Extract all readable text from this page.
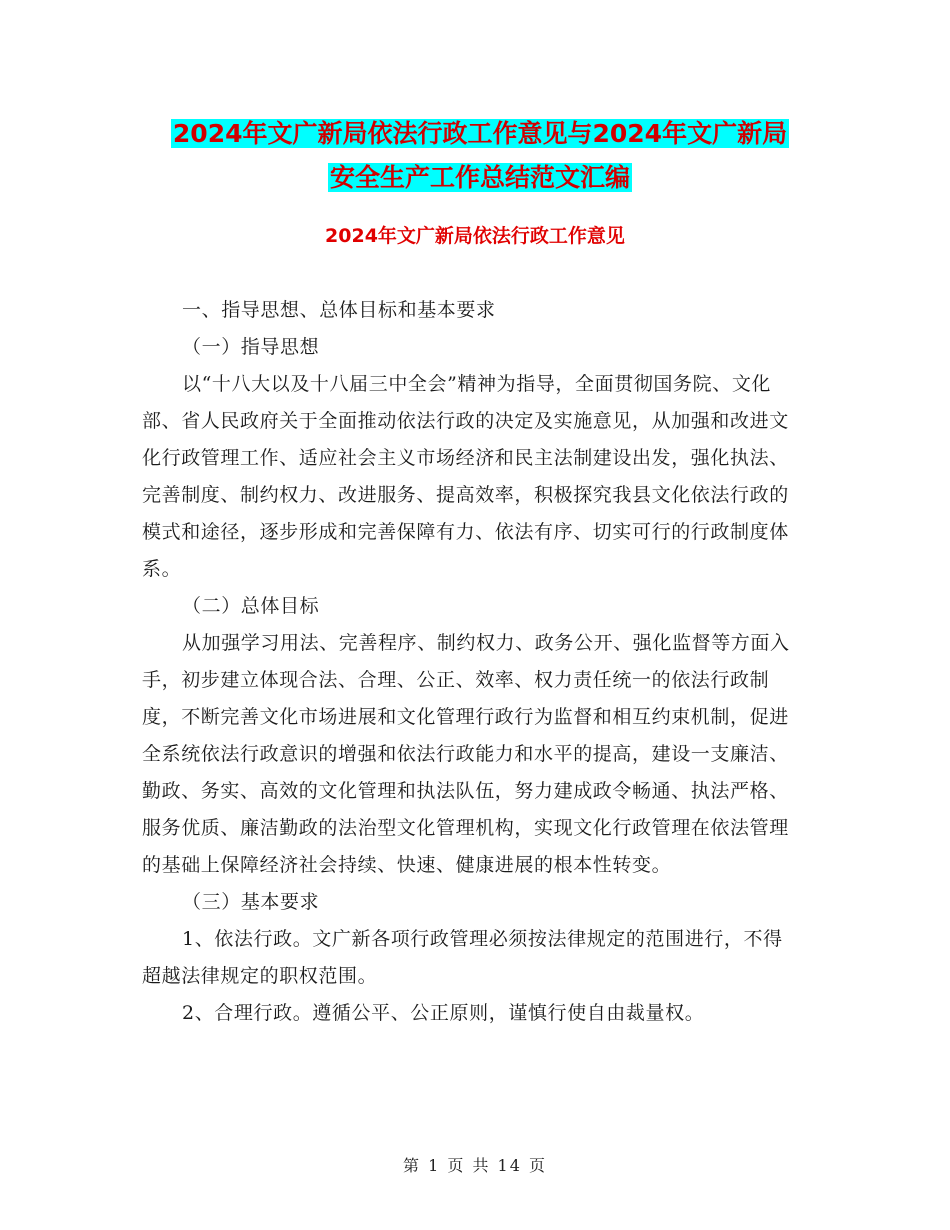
2024年文广新局依法行政工作意见与2024年文广新局
安全生产工作总结范文汇编
2024年文广新局依法行政工作意见

一、指导思想、总体目标和基本要求

（一）指导思想

以“十八大以及十八届三中全会”精神为指导，全面贯彻国务院、文化部、省人民政府关于全面推动依法行政的决定及实施意见，从加强和改进文化行政管理工作、适应社会主义市场经济和民主法制建设出发，强化执法、完善制度、制约权力、改进服务、提高效率，积极探究我县文化依法行政的模式和途径，逐步形成和完善保障有力、依法有序、切实可行的行政制度体系。

（二）总体目标

从加强学习用法、完善程序、制约权力、政务公开、强化监督等方面入手，初步建立体现合法、合理、公正、效率、权力责任统一的依法行政制度，不断完善文化市场进展和文化管理行政行为监督和相互约束机制，促进全系统依法行政意识的增强和依法行政能力和水平的提高，建设一支廉洁、勤政、务实、高效的文化管理和执法队伍，努力建成政令畅通、执法严格、服务优质、廉洁勤政的法治型文化管理机构，实现文化行政管理在依法管理的基础上保障经济社会持续、快速、健康进展的根本性转变。

（三）基本要求

1、依法行政。文广新各项行政管理必须按法律规定的范围进行，不得超越法律规定的职权范围。

2、合理行政。遵循公平、公正原则，谨慎行使自由裁量权。

第 1 页 共 14 页
